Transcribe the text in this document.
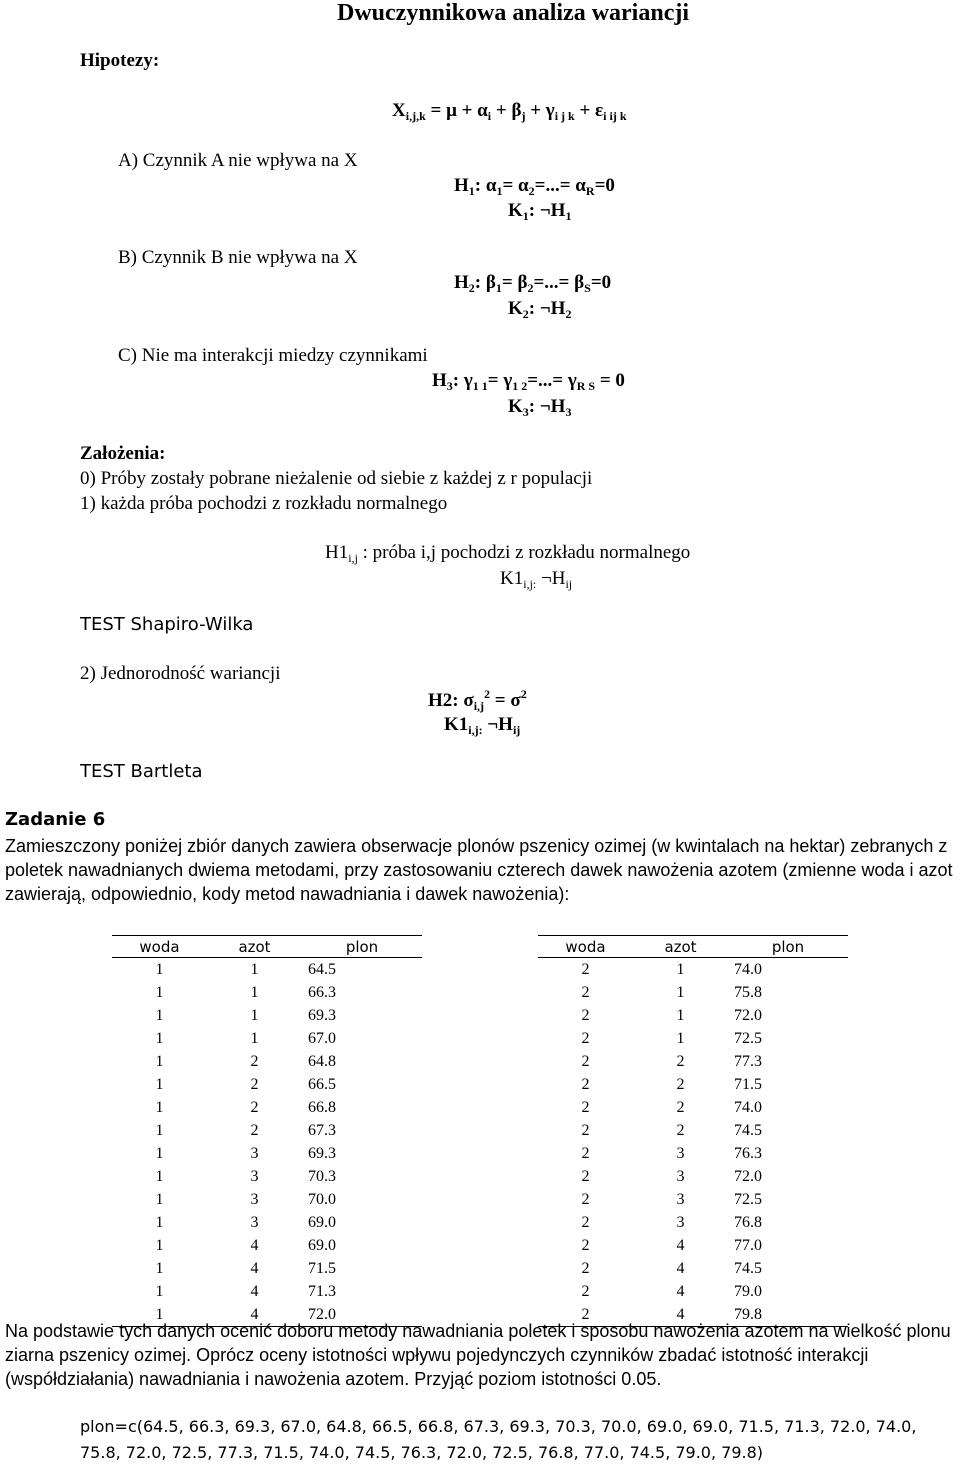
Dwuczynnikowa analiza wariancji
Hipotezy:
$X_{i,j,k} = \mu + \alpha_i + \beta_j + \gamma_{i j k} + \varepsilon_{i ij k}$
A) Czynnik A nie wpływa na X
$H_1$: $\alpha_1= \alpha_2=...= \alpha_R=0$
$K_1$: $\neg H_1$
B) Czynnik B nie wpływa na X
$H_2$: $\beta_1= \beta_2=...= \beta_S=0$
$K_2$: $\neg H_2$
C) Nie ma interakcji miedzy czynnikami
$H_3$: $\gamma_{1 1}= \gamma_{1 2}=...= \gamma_{R S} = 0$
$K_3$: $\neg H_3$
Założenia:
0) Próby zostały pobrane nieżalenie od siebie z każdej z r populacji
1) każda próba pochodzi z rozkładu normalnego
$H1_{i,j}$ : próba i,j pochodzi z rozkładu normalnego
$K1_{i,j:}$ $\neg H_{ij}$
TEST Shapiro-Wilka
2) Jednorodność wariancji
H2: $\sigma_{i,j}^2 = \sigma^2$
$K1_{i,j:}$ $\neg H_{ij}$
TEST Bartleta
Zadanie 6
Zamieszczony poniżej zbiór danych zawiera obserwacje plonów pszenicy ozimej (w kwintalach na hektar) zebranych z poletek nawadnianych dwiema metodami, przy zastosowaniu czterech dawek nawożenia azotem (zmienne woda i azot zawierają, odpowiednio, kody metod nawadniania i dawek nawożenia):
woda	azot	plon
1	1	64.5
1	1	66.3
1	1	69.3
1	1	67.0
1	2	64.8
1	2	66.5
1	2	66.8
1	2	67.3
1	3	69.3
1	3	70.3
1	3	70.0
1	3	69.0
1	4	69.0
1	4	71.5
1	4	71.3
1	4	72.0
woda	azot	plon
2	1	74.0
2	1	75.8
2	1	72.0
2	1	72.5
2	2	77.3
2	2	71.5
2	2	74.0
2	2	74.5
2	3	76.3
2	3	72.0
2	3	72.5
2	3	76.8
2	4	77.0
2	4	74.5
2	4	79.0
2	4	79.8
Na podstawie tych danych ocenić doboru metody nawadniania poletek i sposobu nawożenia azotem na wielkość plonu ziarna pszenicy ozimej. Oprócz oceny istotności wpływu pojedynczych czynników zbadać istotność interakcji (współdziałania) nawadniania i nawożenia azotem. Przyjąć poziom istotności 0.05.
plon=c(64.5, 66.3, 69.3, 67.0, 64.8, 66.5, 66.8, 67.3, 69.3, 70.3, 70.0, 69.0, 69.0, 71.5, 71.3, 72.0, 74.0, 75.8, 72.0, 72.5, 77.3, 71.5, 74.0, 74.5, 76.3, 72.0, 72.5, 76.8, 77.0, 74.5, 79.0, 79.8)
